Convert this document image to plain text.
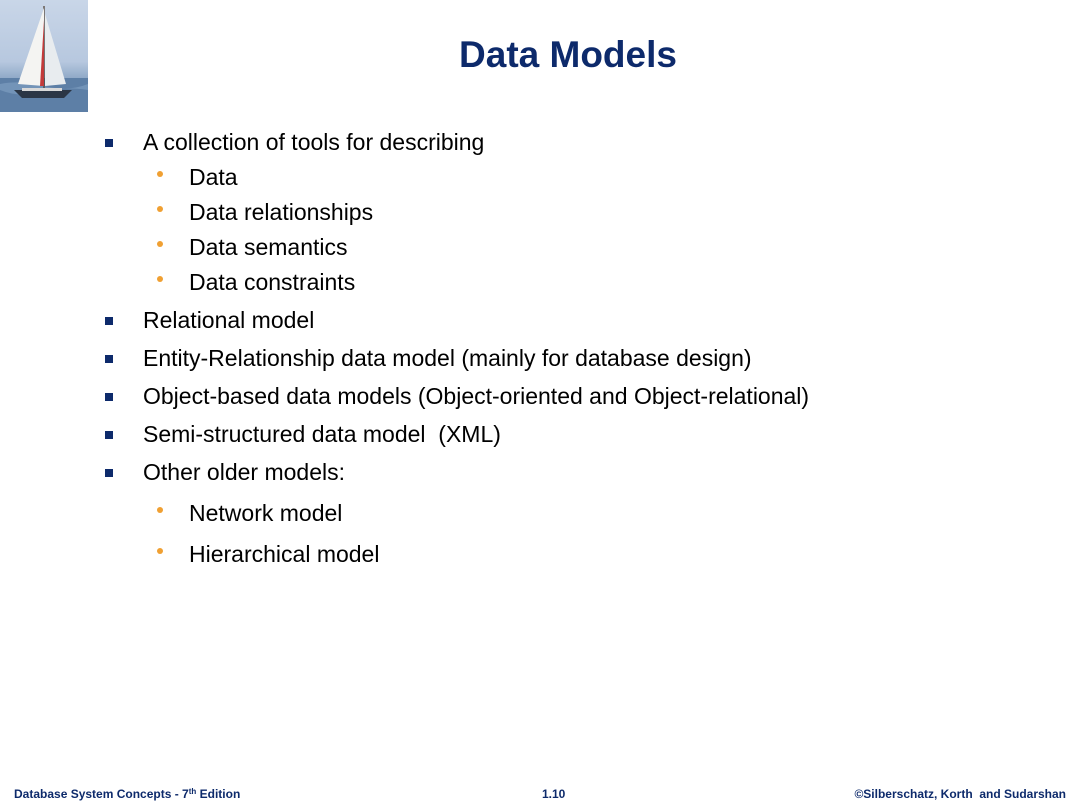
Data Models
A collection of tools for describing
Data
Data relationships
Data semantics
Data constraints
Relational model
Entity-Relationship data model (mainly for database design)
Object-based data models (Object-oriented and Object-relational)
Semi-structured data model  (XML)
Other older models:
Network model
Hierarchical model
Database System Concepts - 7th Edition	1.10	©Silberschatz, Korth  and Sudarshan
